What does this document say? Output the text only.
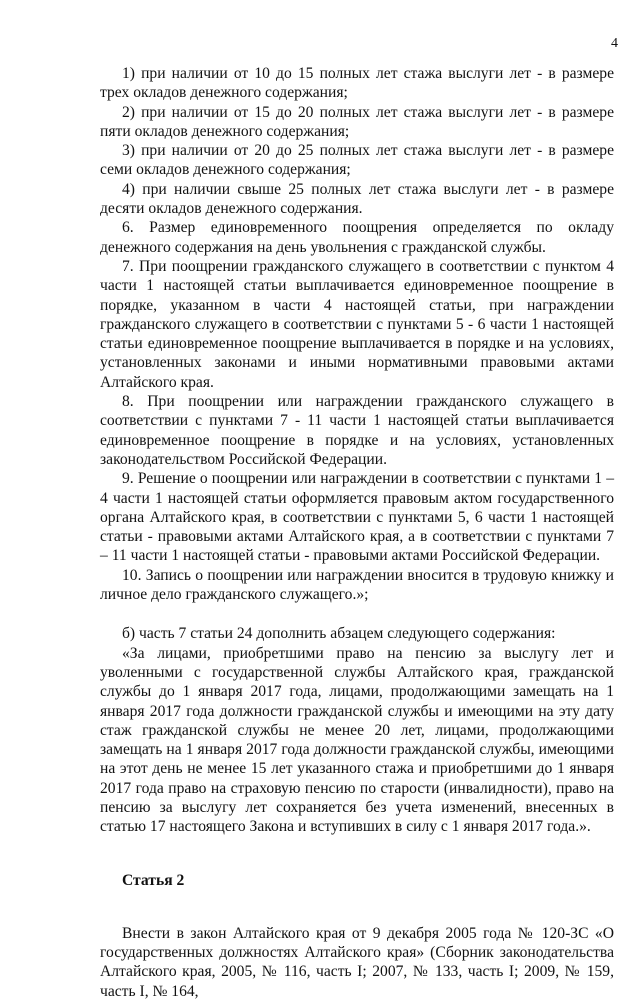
4

1) при наличии от 10 до 15 полных лет стажа выслуги лет - в размере трех окладов денежного содержания;

2) при наличии от 15 до 20 полных лет стажа выслуги лет - в размере пяти окладов денежного содержания;

3) при наличии от 20 до 25 полных лет стажа выслуги лет - в размере семи окладов денежного содержания;

4) при наличии свыше 25 полных лет стажа выслуги лет - в размере десяти окладов денежного содержания.

6. Размер единовременного поощрения определяется по окладу денежного содержания на день увольнения с гражданской службы.

7. При поощрении гражданского служащего в соответствии с пунктом 4 части 1 настоящей статьи выплачивается единовременное поощрение в порядке, указанном в части 4 настоящей статьи, при награждении гражданского служащего в соответствии с пунктами 5 - 6 части 1 настоящей статьи единовременное поощрение выплачивается в порядке и на условиях, установленных законами и иными нормативными правовыми актами Алтайского края.

8. При поощрении или награждении гражданского служащего в соответствии с пунктами 7 - 11 части 1 настоящей статьи выплачивается единовременное поощрение в порядке и на условиях, установленных законодательством Российской Федерации.

9. Решение о поощрении или награждении в соответствии с пунктами 1 – 4 части 1 настоящей статьи оформляется правовым актом государственного органа Алтайского края, в соответствии с пунктами 5, 6 части 1 настоящей статьи - правовыми актами Алтайского края, а в соответствии с пунктами 7 – 11 части 1 настоящей статьи - правовыми актами Российской Федерации.

10. Запись о поощрении или награждении вносится в трудовую книжку и личное дело гражданского служащего.»;

б) часть 7 статьи 24 дополнить абзацем следующего содержания:

«За лицами, приобретшими право на пенсию за выслугу лет и уволенными с государственной службы Алтайского края, гражданской службы до 1 января 2017 года, лицами, продолжающими замещать на 1 января 2017 года должности гражданской службы и имеющими на эту дату стаж гражданской службы не менее 20 лет, лицами, продолжающими замещать на 1 января 2017 года должности гражданской службы, имеющими на этот день не менее 15 лет указанного стажа и приобретшими до 1 января 2017 года право на страховую пенсию по старости (инвалидности), право на пенсию за выслугу лет сохраняется без учета изменений, внесенных в статью 17 настоящего Закона и вступивших в силу с 1 января 2017 года.».

Статья 2

Внести в закон Алтайского края от 9 декабря 2005 года № 120-ЗС «О государственных должностях Алтайского края» (Сборник законодательства Алтайского края, 2005, № 116, часть I; 2007, № 133, часть I; 2009, № 159, часть I, № 164,
